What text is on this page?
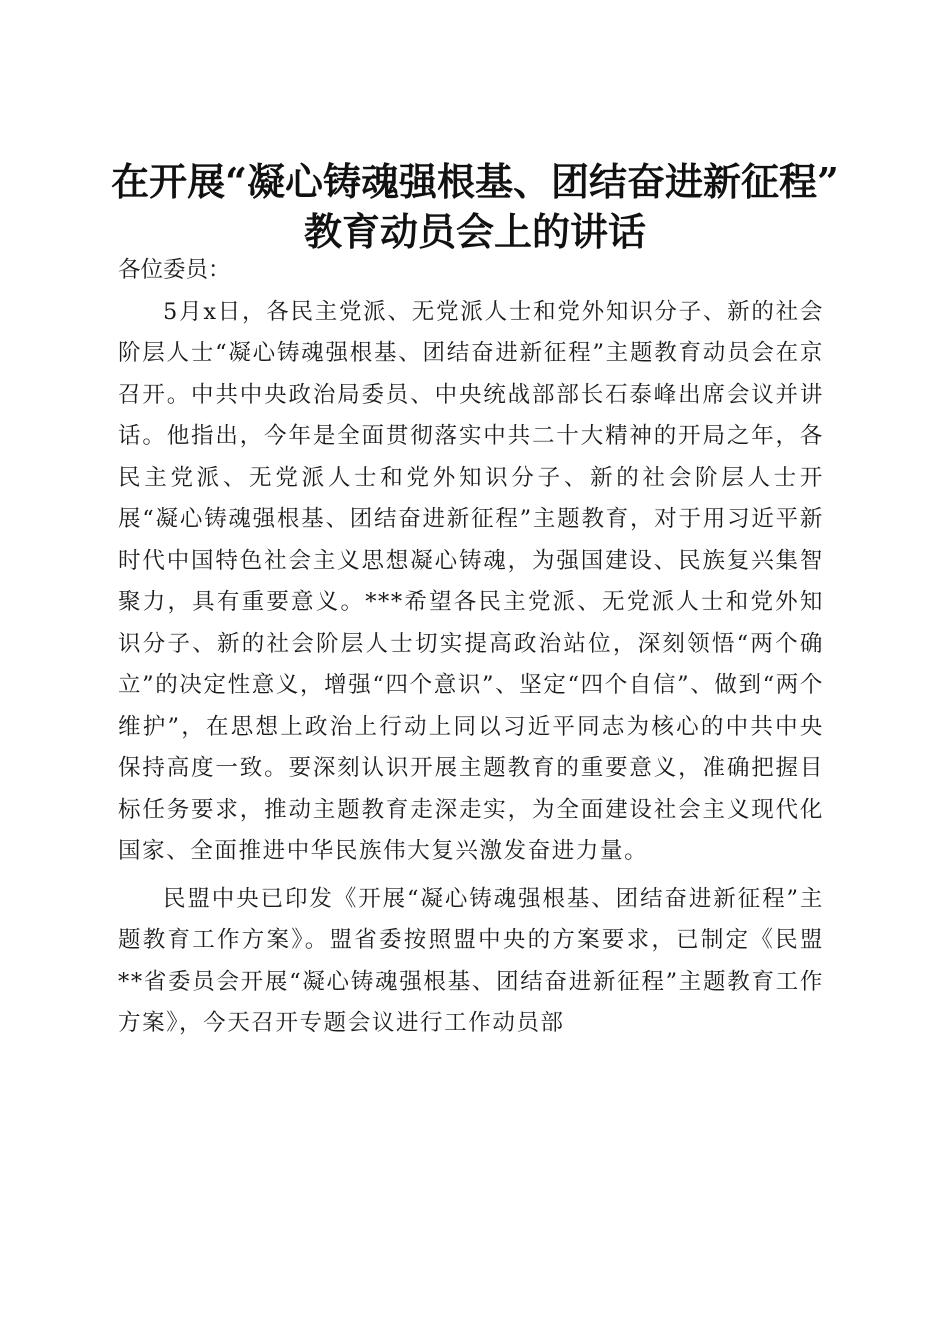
在开展“凝心铸魂强根基、团结奋进新征程”
教育动员会上的讲话
各位委员：

5月x日，各民主党派、无党派人士和党外知识分子、新的社会阶层人士“凝心铸魂强根基、团结奋进新征程”主题教育动员会在京召开。中共中央政治局委员、中央统战部部长石泰峰出席会议并讲话。他指出，今年是全面贯彻落实中共二十大精神的开局之年，各民主党派、无党派人士和党外知识分子、新的社会阶层人士开展“凝心铸魂强根基、团结奋进新征程”主题教育，对于用习近平新时代中国特色社会主义思想凝心铸魂，为强国建设、民族复兴集智聚力，具有重要意义。***希望各民主党派、无党派人士和党外知识分子、新的社会阶层人士切实提高政治站位，深刻领悟“两个确立”的决定性意义，增强“四个意识”、坚定“四个自信”、做到“两个维护”，在思想上政治上行动上同以习近平同志为核心的中共中央保持高度一致。要深刻认识开展主题教育的重要意义，准确把握目标任务要求，推动主题教育走深走实，为全面建设社会主义现代化国家、全面推进中华民族伟大复兴激发奋进力量。

民盟中央已印发《开展“凝心铸魂强根基、团结奋进新征程”主题教育工作方案》。盟省委按照盟中央的方案要求，已制定《民盟**省委员会开展“凝心铸魂强根基、团结奋进新征程”主题教育工作方案》，今天召开专题会议进行工作动员部
